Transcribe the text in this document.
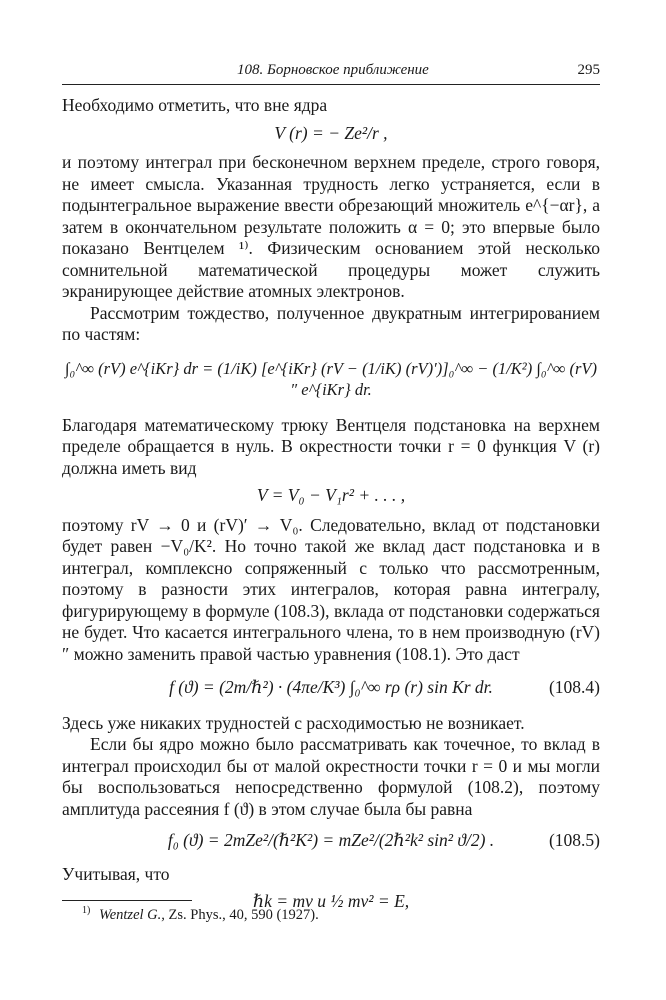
108. Борновское приближение	295

Необходимо отметить, что вне ядра

V (r) = − Ze²/r ,

и поэтому интеграл при бесконечном верхнем пределе, строго говоря, не имеет смысла. Указанная трудность легко устраняется, если в подынтегральное выражение ввести обрезающий множитель e^{−αr}, а затем в окончательном результате положить α = 0; это впервые было показано Вентцелем ¹⁾. Физическим основанием этой несколько сомнительной математической процедуры может служить экранирующее действие атомных электронов.

Рассмотрим тождество, полученное двукратным интегрированием по частям:

∫₀^∞ (rV) e^{iKr} dr = (1/iK) [e^{iKr} (rV − (1/iK) (rV)′)]₀^∞ − (1/K²) ∫₀^∞ (rV)″ e^{iKr} dr.

Благодаря математическому трюку Вентцеля подстановка на верхнем пределе обращается в нуль. В окрестности точки r = 0 функция V (r) должна иметь вид

V = V₀ − V₁r² + . . . ,

поэтому rV → 0 и (rV)′ → V₀. Следовательно, вклад от подстановки будет равен −V₀/K². Но точно такой же вклад даст подстановка и в интеграл, комплексно сопряженный с только что рассмотренным, поэтому в разности этих интегралов, которая равна интегралу, фигурирующему в формуле (108.3), вклада от подстановки содержаться не будет. Что касается интегрального члена, то в нем производную (rV)″ можно заменить правой частью уравнения (108.1). Это даст

f (ϑ) = (2m/ℏ²) · (4πe/K³) ∫₀^∞ rρ (r) sin Kr dr.	(108.4)

Здесь уже никаких трудностей с расходимостью не возникает.

Если бы ядро можно было рассматривать как точечное, то вклад в интеграл происходил бы от малой окрестности точки r = 0 и мы могли бы воспользоваться непосредственно формулой (108.2), поэтому амплитуда рассеяния f (ϑ) в этом случае была бы равна

f₀ (ϑ) = 2mZe²/(ℏ²K²) = mZe²/(2ℏ²k² sin² ϑ/2) .	(108.5)

Учитывая, что

ℏk = mv и ½ mv² = E,
$^{1)}$ Wentzel G., Zs. Phys., 40, 590 (1927).
